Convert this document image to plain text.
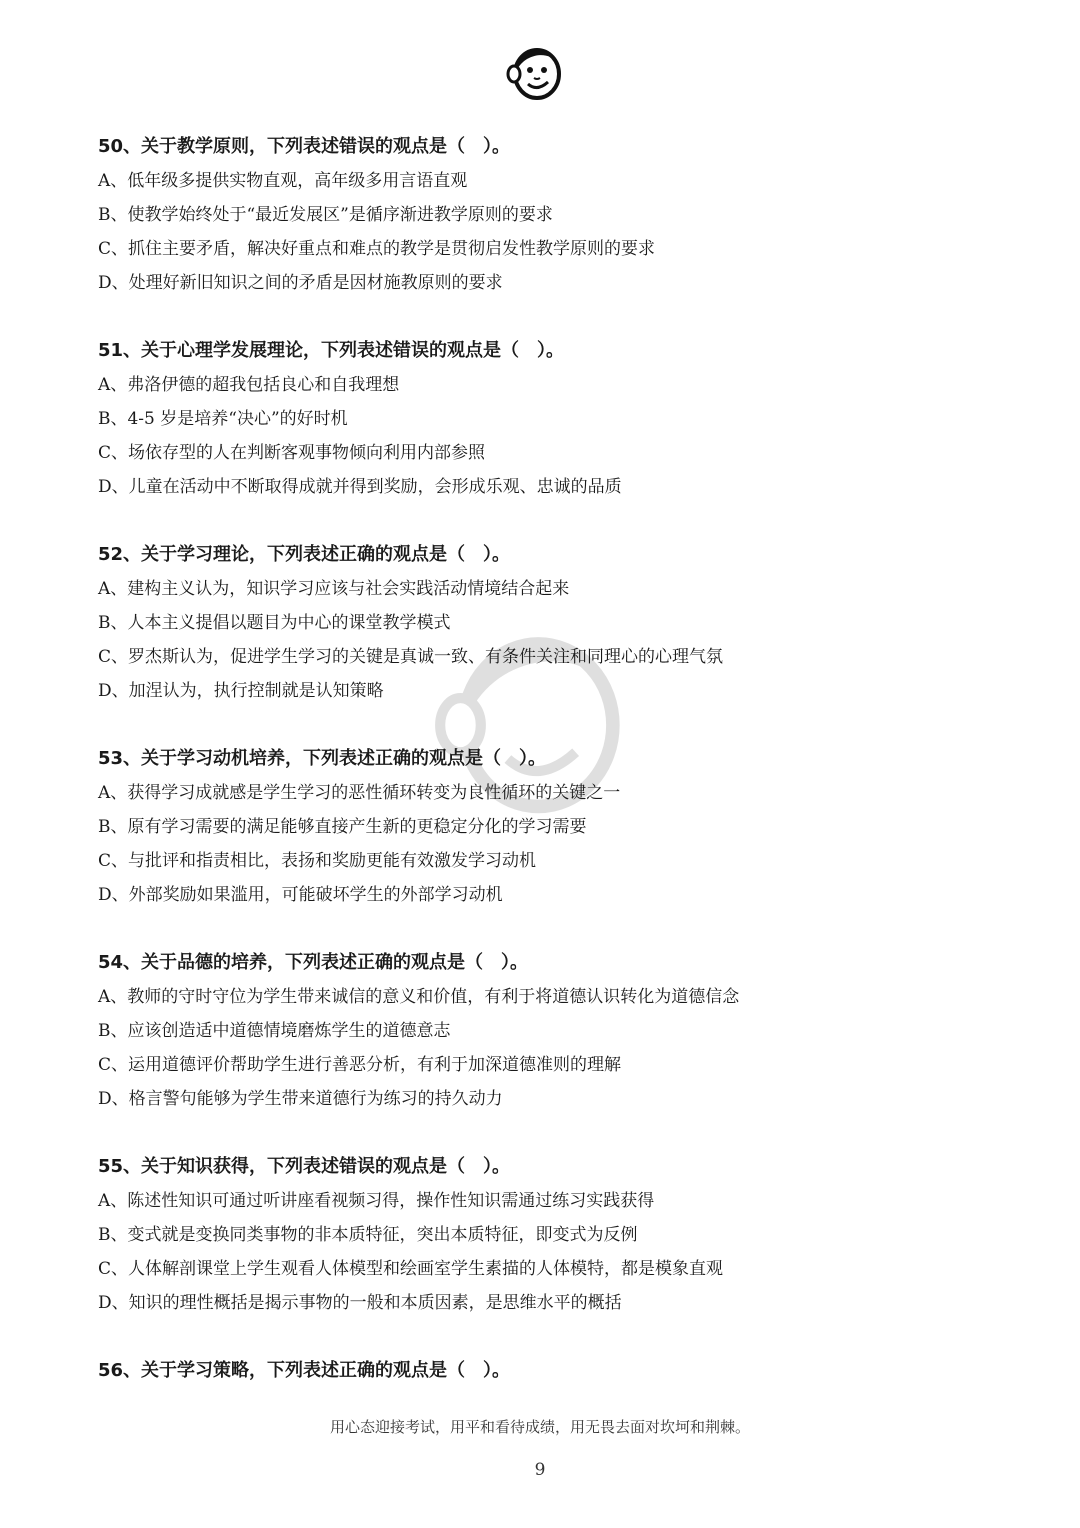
50、关于教学原则，下列表述错误的观点是（　）。
A、低年级多提供实物直观，高年级多用言语直观
B、使教学始终处于“最近发展区”是循序渐进教学原则的要求
C、抓住主要矛盾，解决好重点和难点的教学是贯彻启发性教学原则的要求
D、处理好新旧知识之间的矛盾是因材施教原则的要求
51、关于心理学发展理论，下列表述错误的观点是（　）。
A、弗洛伊德的超我包括良心和自我理想
B、4-5 岁是培养“决心”的好时机
C、场依存型的人在判断客观事物倾向利用内部参照
D、儿童在活动中不断取得成就并得到奖励，会形成乐观、忠诚的品质
52、关于学习理论，下列表述正确的观点是（　）。
A、建构主义认为，知识学习应该与社会实践活动情境结合起来
B、人本主义提倡以题目为中心的课堂教学模式
C、罗杰斯认为，促进学生学习的关键是真诚一致、有条件关注和同理心的心理气氛
D、加涅认为，执行控制就是认知策略
53、关于学习动机培养，下列表述正确的观点是（　）。
A、获得学习成就感是学生学习的恶性循环转变为良性循环的关键之一
B、原有学习需要的满足能够直接产生新的更稳定分化的学习需要
C、与批评和指责相比，表扬和奖励更能有效激发学习动机
D、外部奖励如果滥用，可能破坏学生的外部学习动机
54、关于品德的培养，下列表述正确的观点是（　）。
A、教师的守时守位为学生带来诚信的意义和价值，有利于将道德认识转化为道德信念
B、应该创造适中道德情境磨炼学生的道德意志
C、运用道德评价帮助学生进行善恶分析，有利于加深道德准则的理解
D、格言警句能够为学生带来道德行为练习的持久动力
55、关于知识获得，下列表述错误的观点是（　）。
A、陈述性知识可通过听讲座看视频习得，操作性知识需通过练习实践获得
B、变式就是变换同类事物的非本质特征，突出本质特征，即变式为反例
C、人体解剖课堂上学生观看人体模型和绘画室学生素描的人体模特，都是模象直观
D、知识的理性概括是揭示事物的一般和本质因素，是思维水平的概括
56、关于学习策略，下列表述正确的观点是（　）。
用心态迎接考试，用平和看待成绩，用无畏去面对坎坷和荆棘。
9
